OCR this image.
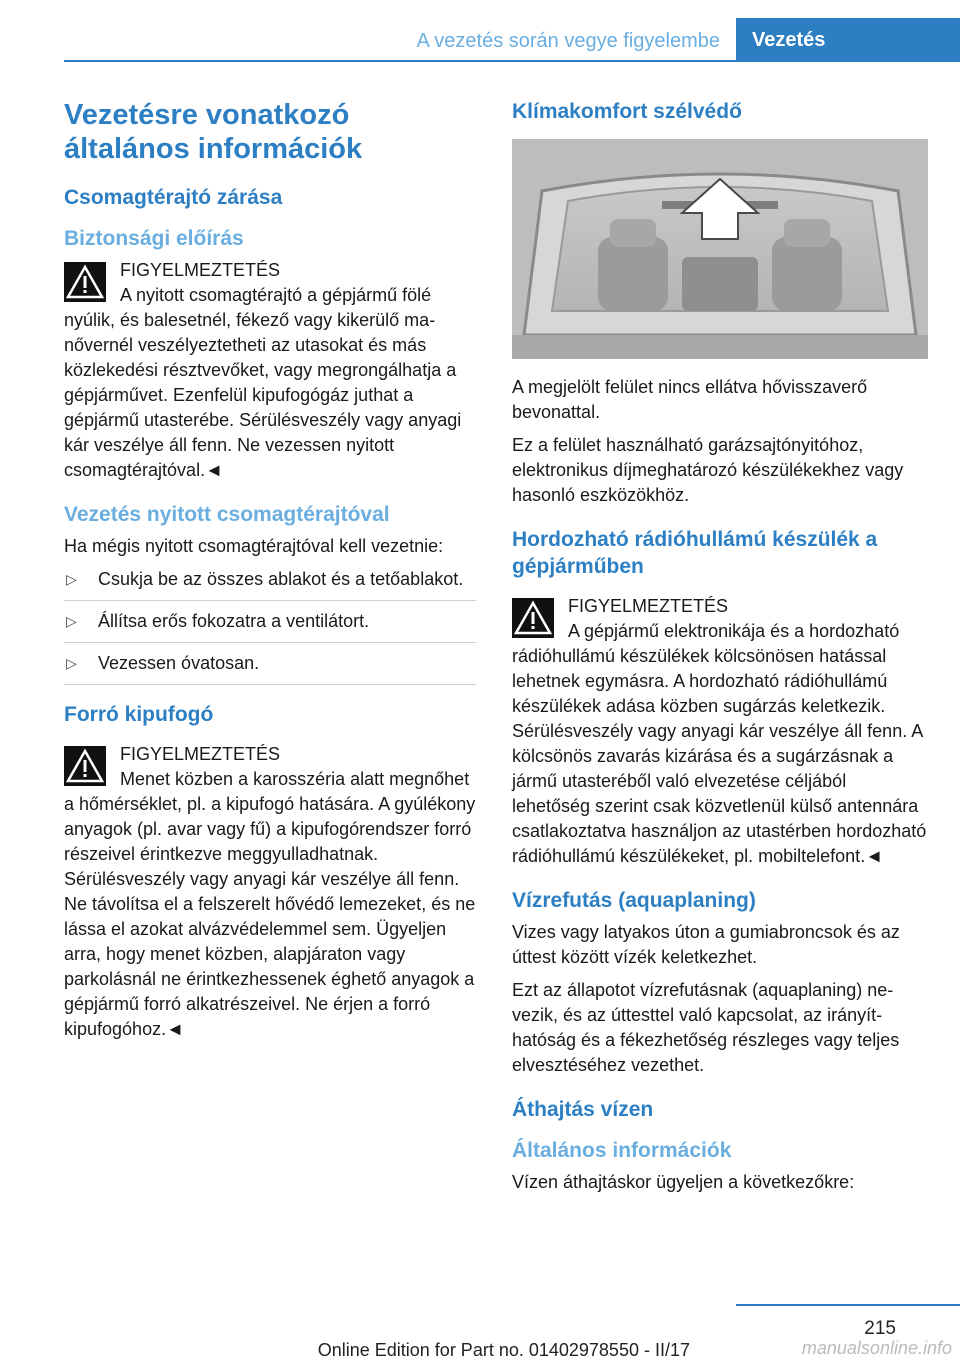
A vezetés során vegye figyelembe	Vezetés
Vezetésre vonatkozó általános információk
Csomagtérajtó zárása
Biztonsági előírás
FIGYELMEZTETÉS
A nyitott csomagtérajtó a gépjármű fölé nyúlik, és balesetnél, fékező vagy kikerülő manővernél veszélyeztetheti az utasokat és más közlekedési résztvevőket, vagy megrongálhatja a gépjárművet. Ezenfelül kipufogógáz juthat a gépjármű utasterébe. Sérülésveszély vagy anyagi kár veszélye áll fenn. Ne vezessen nyitott csomagtérajtóval.◄
Vezetés nyitott csomagtérajtóval

Ha mégis nyitott csomagtérajtóval kell vezetnie:

▷ Csukja be az összes ablakot és a tetőablakot.
▷ Állítsa erős fokozatra a ventilátort.
▷ Vezessen óvatosan.
Forró kipufogó
FIGYELMEZTETÉS
Menet közben a karosszéria alatt megnőhet a hőmérséklet, pl. a kipufogó hatására. A gyúlékony anyagok (pl. avar vagy fű) a kipufogórendszer forró részeivel érintkezve meggyulladhatnak. Sérülésveszély vagy anyagi kár veszélye áll fenn. Ne távolítsa el a felszerelt hővédő lemezeket, és ne lássa el azokat alvázvédelemmel sem. Ügyeljen arra, hogy menet közben, alapjáraton vagy parkolásnál ne érintkezhessenek éghető anyagok a gépjármű forró alkatrészeivel. Ne érjen a forró kipufogóhoz.◄
Klímakomfort szélvédő

A megjelölt felület nincs ellátva hővisszaverő bevonattal.

Ez a felület használható garázsajtónyitóhoz, elektronikus díjmeghatározó készülékekhez vagy hasonló eszközökhöz.

Hordozható rádióhullámú készülék a gépjárműben
FIGYELMEZTETÉS
A gépjármű elektronikája és a hordozható rádióhullámú készülékek kölcsönösen hatással lehetnek egymásra. A hordozható rádióhullámú készülékek adása közben sugárzás keletkezik. Sérülésveszély vagy anyagi kár veszélye áll fenn. A kölcsönös zavarás kizárása és a sugárzásnak a jármű utasteréből való elvezetése céljából lehetőség szerint csak közvetlenül külső antennára csatlakoztatva használjon az utastérben hordozható rádióhullámú készülékeket, pl. mobiltelefont.◄
Vízrefutás (aquaplaning)

Vizes vagy latyakos úton a gumiabroncsok és az úttest között vízék keletkezhet.

Ezt az állapotot vízrefutásnak (aquaplaning) nevezik, és az úttesttel való kapcsolat, az irányíthatóság és a fékezhetőség részleges vagy teljes elvesztéséhez vezethet.

Áthajtás vízen
Általános információk

Vízen áthajtáskor ügyeljen a következőkre:

215
Online Edition for Part no. 01402978550 - II/17	manualsonline.info
